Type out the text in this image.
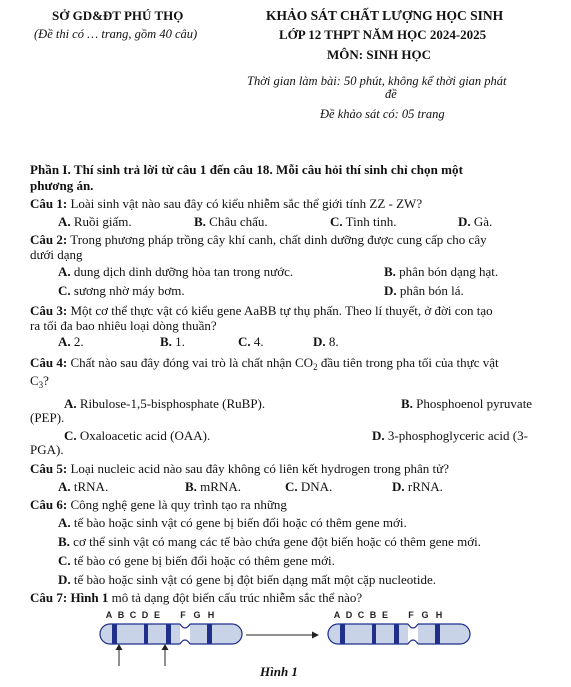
SỞ GD&ĐT PHÚ THỌ
(Đề thi có … trang, gồm 40 câu)
KHẢO SÁT CHẤT LƯỢNG HỌC SINH
LỚP 12 THPT NĂM HỌC 2024-2025
MÔN: SINH HỌC
Thời gian làm bài: 50 phút, không kể thời gian phát
đề
Đề khảo sát có: 05 trang
Phần I. Thí sinh trả lời từ câu 1 đến câu 18. Mỗi câu hỏi thí sinh chỉ chọn một
phương án.
Câu 1: Loài sinh vật nào sau đây có kiểu nhiễm sắc thể giới tính ZZ - ZW?
A. Ruồi giấm.	B. Châu chấu.	C. Tinh tinh.	D. Gà.
Câu 2: Trong phương pháp trồng cây khí canh, chất dinh dưỡng được cung cấp cho cây
dưới dạng
A. dung dịch dinh dưỡng hòa tan trong nước.	B. phân bón dạng hạt.
C. sương nhờ máy bơm.	D. phân bón lá.
Câu 3: Một cơ thể thực vật có kiểu gene AaBB tự thụ phấn. Theo lí thuyết, ở đời con tạo
ra tối đa bao nhiêu loại dòng thuần?
A. 2.	B. 1.	C. 4.	D. 8.
Câu 4: Chất nào sau đây đóng vai trò là chất nhận $CO_2$ đầu tiên trong pha tối của thực vật
$C_3$?
A. Ribulose-1,5-bisphosphate (RuBP).	B. Phosphoenol pyruvate
(PEP).
C. Oxaloacetic acid (OAA).	D. 3-phosphoglyceric acid (3-
PGA).
Câu 5: Loại nucleic acid nào sau đây không có liên kết hydrogen trong phân tử?
A. tRNA.	B. mRNA.	C. DNA.	D. rRNA.
Câu 6: Công nghệ gene là quy trình tạo ra những
A. tế bào hoặc sinh vật có gene bị biến đổi hoặc có thêm gene mới.
B. cơ thể sinh vật có mang các tế bào chứa gene đột biến hoặc có thêm gene mới.
C. tế bào có gene bị biến đổi hoặc có thêm gene mới.
D. tế bào hoặc sinh vật có gene bị đột biến dạng mất một cặp nucleotide.
Câu 7: Hình 1 mô tả dạng đột biến cấu trúc nhiễm sắc thể nào?
A B C D E F G H	A D C B E F G H
Hình 1
